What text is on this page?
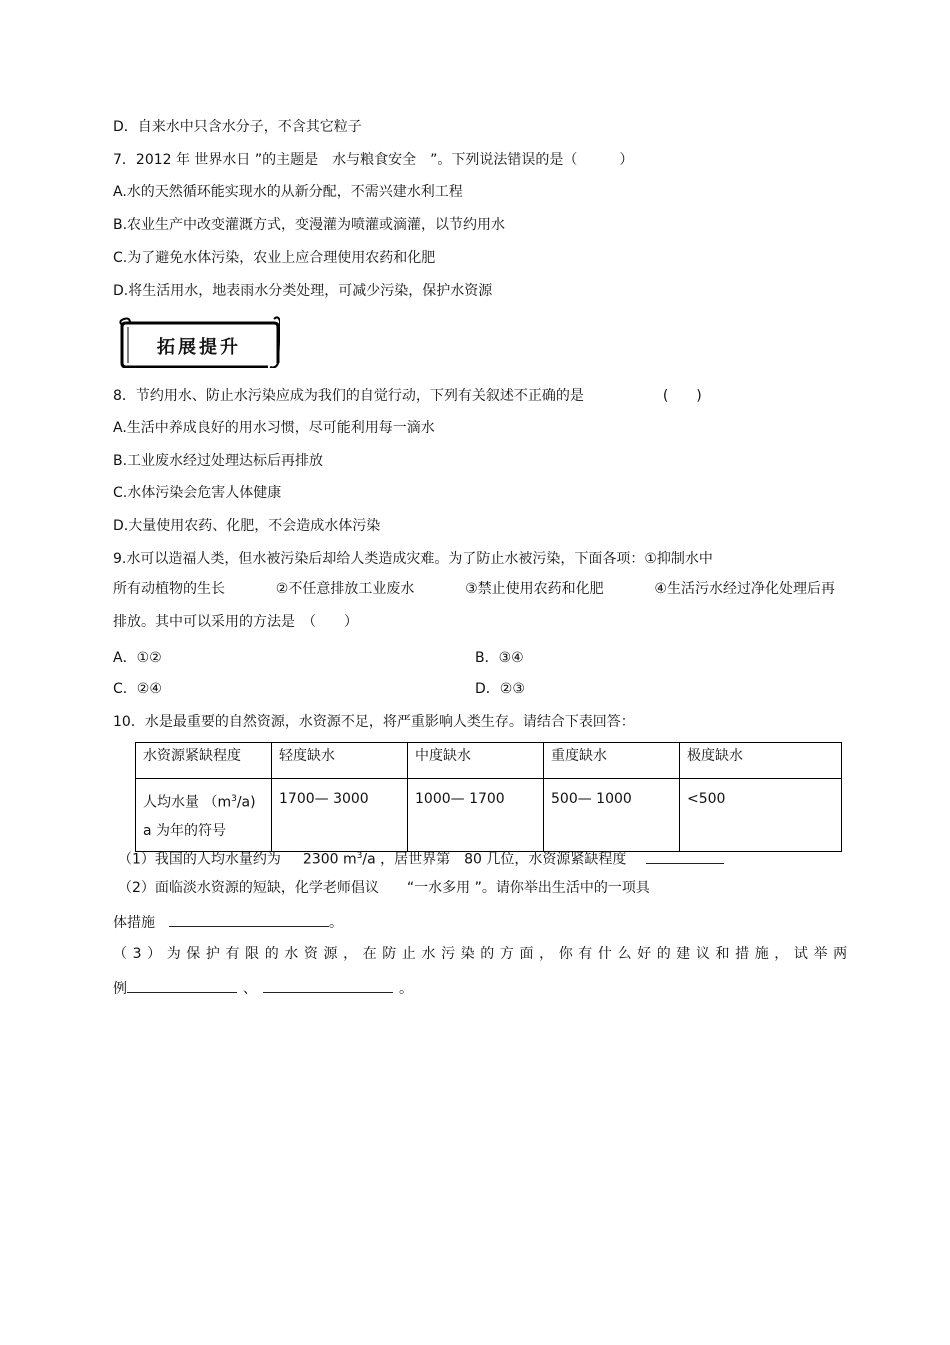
D．自来水中只含水分子，不含其它粒子
7．2012 年 世界水日 ”的主题是　水与粮食安全　”。下列说法错误的是（　　　）
A.水的天然循环能实现水的从新分配，不需兴建水利工程
B.农业生产中改变灌溉方式，变漫灌为喷灌或滴灌，以节约用水
C.为了避免水体污染，农业上应合理使用农药和化肥
D.将生活用水，地表雨水分类处理，可减少污染，保护水资源
拓展提升
8．节约用水、防止水污染应成为我们的自觉行动，下列有关叙述不正确的是	(　　)
A.生活中养成良好的用水习惯，尽可能利用每一滴水
B.工业废水经过处理达标后再排放
C.水体污染会危害人体健康
D.大量使用农药、化肥，不会造成水体污染
9.水可以造福人类，但水被污染后却给人类造成灾难。为了防止水被污染，下面各项：①抑制水中
所有动植物的生长	②不任意排放工业废水	③禁止使用农药和化肥	④生活污水经过净化处理后再
排放。其中可以采用的方法是　（　　）
A．①②	B．③④
C．②④	D．②③
10．水是最重要的自然资源，水资源不足，将严重影响人类生存。请结合下表回答：
水资源紧缺程度	轻度缺水	中度缺水	重度缺水	极度缺水
人均水量 $(m^3/a)$
a 为年的符号	1700— 3000	1000— 1700	500— 1000	<500
（1）我国的人均水量约为 2300 $m^3/a$ ，居世界第　80 几位，水资源紧缺程度
（2）面临淡水资源的短缺，化学老师倡议　　“一水多用 ”。请你举出生活中的一项具
体措施	。
（3）为保护有限的水资源，在防止水污染的方面，你有什么好的建议和措施，试举两
例	、	。
